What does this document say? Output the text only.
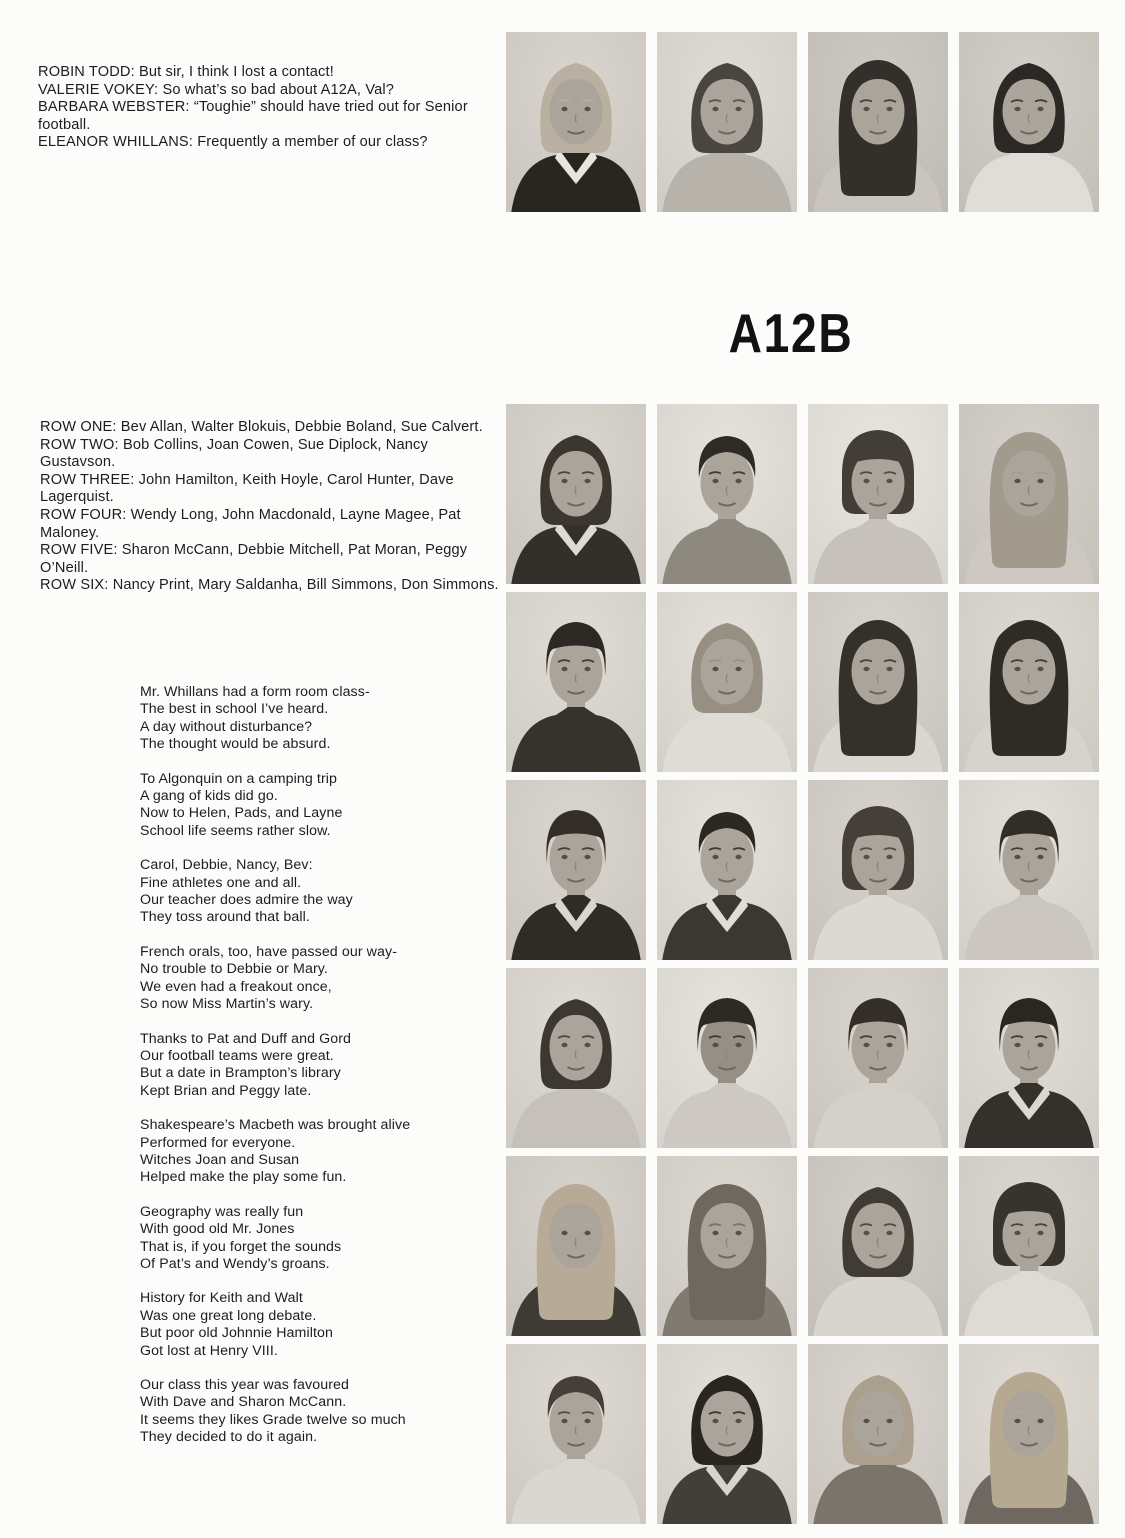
ROBIN TODD: But sir, I think I lost a contact!

VALERIE VOKEY: So what’s so bad about A12A, Val?

BARBARA WEBSTER: “Toughie” should have tried out for Senior football.

ELEANOR WHILLANS: Frequently a member of our class?

A12B

ROW ONE: Bev Allan, Walter Blokuis, Debbie Boland, Sue Calvert.

ROW TWO: Bob Collins, Joan Cowen, Sue Diplock, Nancy Gustavson.

ROW THREE: John Hamilton, Keith Hoyle, Carol Hunter, Dave Lagerquist.

ROW FOUR: Wendy Long, John Macdonald, Layne Magee, Pat Maloney.

ROW FIVE: Sharon McCann, Debbie Mitchell, Pat Moran, Peggy O’Neill.

ROW SIX: Nancy Print, Mary Saldanha, Bill Simmons, Don Simmons.

Mr. Whillans had a form room class-

The best in school I’ve heard.

A day without disturbance?

The thought would be absurd.

To Algonquin on a camping trip

A gang of kids did go.

Now to Helen, Pads, and Layne

School life seems rather slow.

Carol, Debbie, Nancy, Bev:

Fine athletes one and all.

Our teacher does admire the way

They toss around that ball.

French orals, too, have passed our way-

No trouble to Debbie or Mary.

We even had a freakout once,

So now Miss Martin’s wary.

Thanks to Pat and Duff and Gord

Our football teams were great.

But a date in Brampton’s library

Kept Brian and Peggy late.

Shakespeare’s Macbeth was brought alive

Performed for everyone.

Witches Joan and Susan

Helped make the play some fun.

Geography was really fun

With good old Mr. Jones

That is, if you forget the sounds

Of Pat’s and Wendy’s groans.

History for Keith and Walt

Was one great long debate.

But poor old Johnnie Hamilton

Got lost at Henry VIII.

Our class this year was favoured

With Dave and Sharon McCann.

It seems they likes Grade twelve so much

They decided to do it again.
